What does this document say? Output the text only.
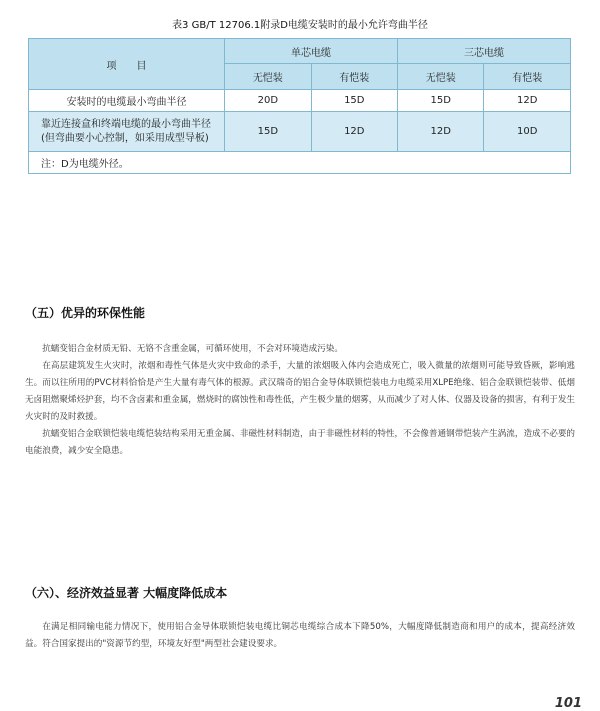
表3 GB/T 12706.1附录D电缆安装时的最小允许弯曲半径
项　　目	单芯电缆		三芯电缆	
	无恺装	有恺装	无恺装	有恺装
安装时的电缆最小弯曲半径	20D	15D	15D	12D
靠近连接盒和终端电缆的最小弯曲半径(但弯曲要小心控制，如采用成型导板)	15D	12D	12D	10D
注：D为电缆外径。				
（五）优异的环保性能
抗蠕变铝合金材质无铅、无铬不含重金属，可循环使用，不会对环境造成污染。
在高层建筑发生火灾时，浓烟和毒性气体是火灾中致命的杀手，大量的浓烟吸入体内会造成死亡，吸入微量的浓烟则可能导致昏厥，影响逃生。而以往所用的PVC材料恰恰是产生大量有毒气体的根源。武汉瑞奇的铝合金导体联锁恺装电力电缆采用XLPE绝缘、铝合金联锁恺装带、低烟无卤阻燃聚烯烃护套，均不含卤素和重金属，燃烧时的腐蚀性和毒性低，产生极少量的烟雾，从而减少了对人体、仪器及设备的损害，有利于发生火灾时的及时救援。
抗蠕变铝合金联锁恺装电缆恺装结构采用无重金属、非磁性材料制造，由于非磁性材料的特性，不会像普通钢带恺装产生涡流，造成不必要的电能浪费，减少安全隐患。
（六）、经济效益显著 大幅度降低成本
在满足相同输电能力情况下，使用铝合金导体联锁恺装电缆比铜芯电缆综合成本下降50%，大幅度降低制造商和用户的成本，提高经济效益。符合国家提出的"资源节约型，环境友好型"两型社会建设要求。
101
